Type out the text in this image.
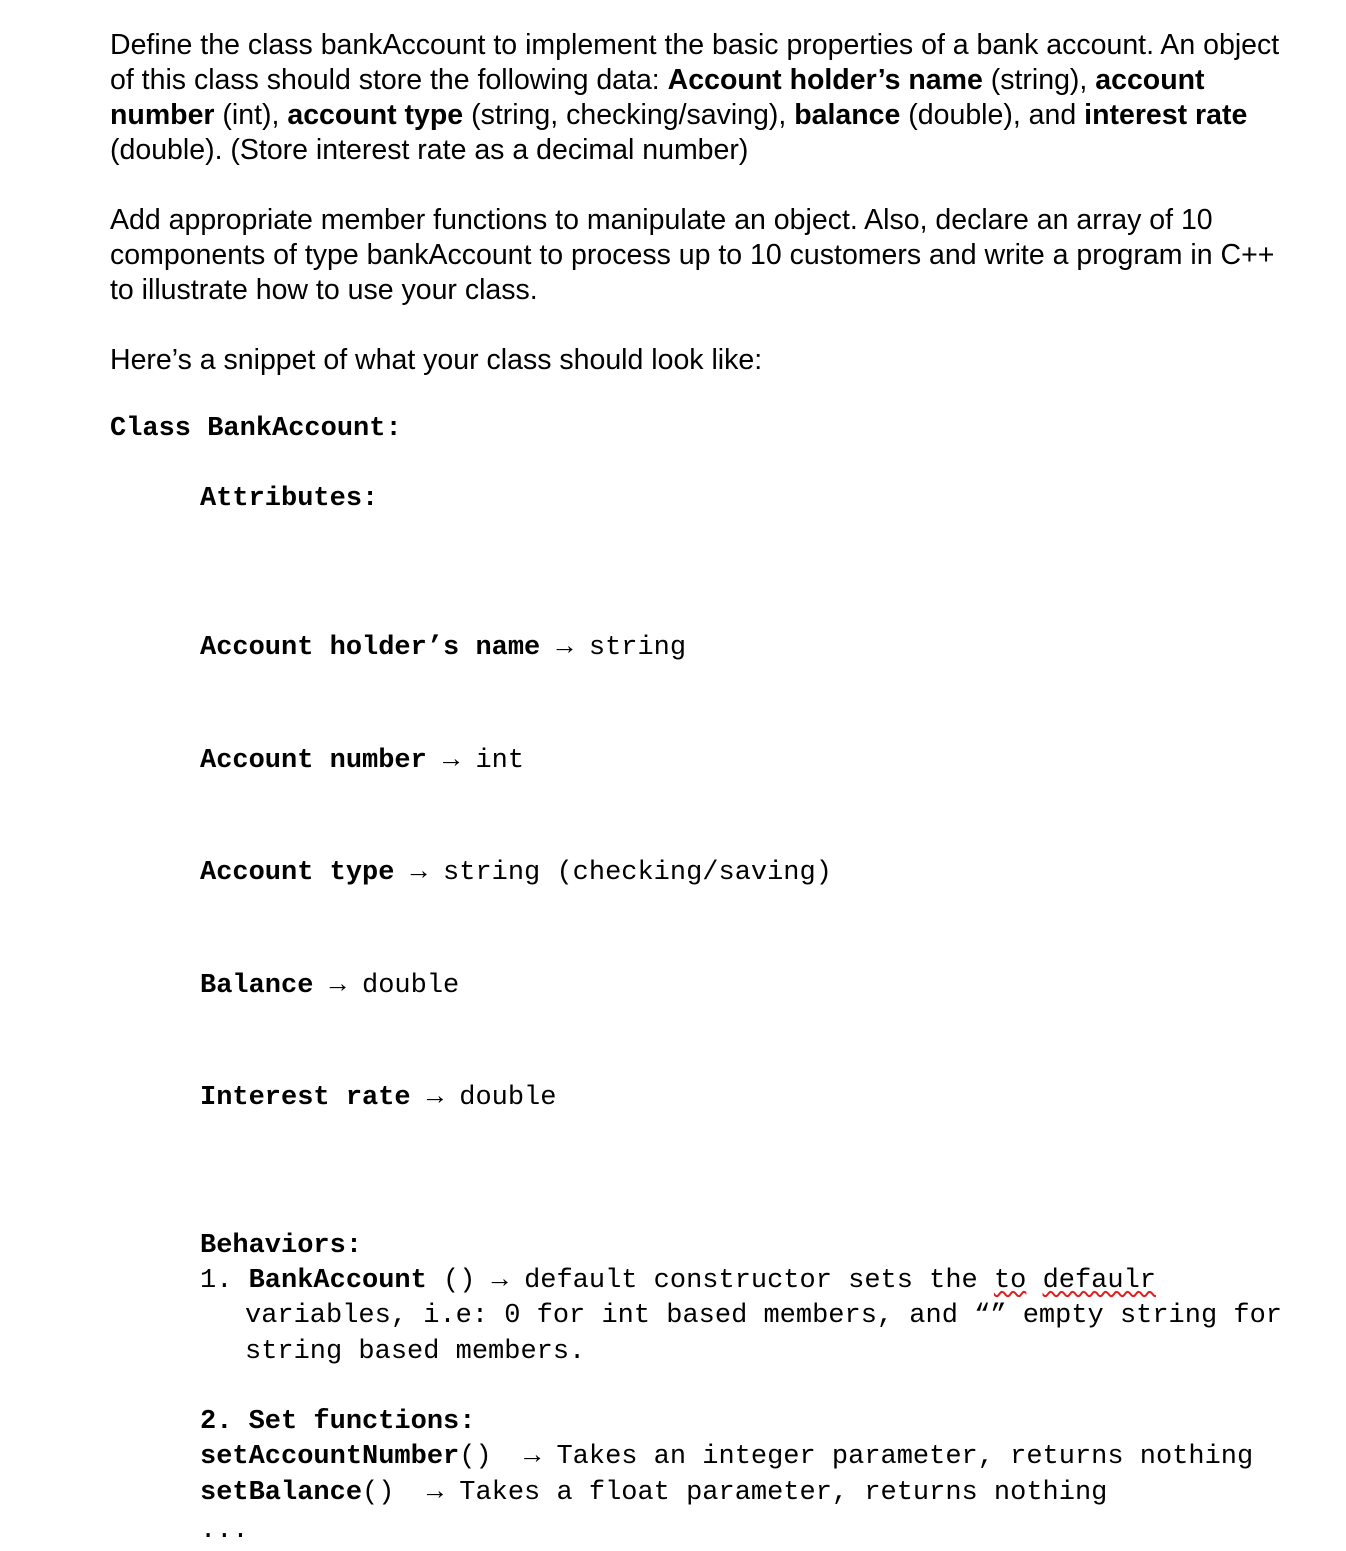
Define the class bankAccount to implement the basic properties of a bank account. An object of this class should store the following data: Account holder’s name (string), account number (int), account type (string, checking/saving), balance (double), and interest rate (double). (Store interest rate as a decimal number)

Add appropriate member functions to manipulate an object. Also, declare an array of 10 components of type bankAccount to process up to 10 customers and write a program in C++ to illustrate how to use your class.

Here’s a snippet of what your class should look like:

Class BankAccount:
Attributes:

Account holder’s name → string

Account number → int

Account type → string (checking/saving)

Balance → double

Interest rate → double

Behaviors:
1. BankAccount () → default constructor sets the to defaulr variables, i.e: 0 for int based members, and “” empty string for string based members.
2. Set functions:
setAccountNumber() → Takes an integer parameter, returns nothing
setBalance() → Takes a float parameter, returns nothing
...
